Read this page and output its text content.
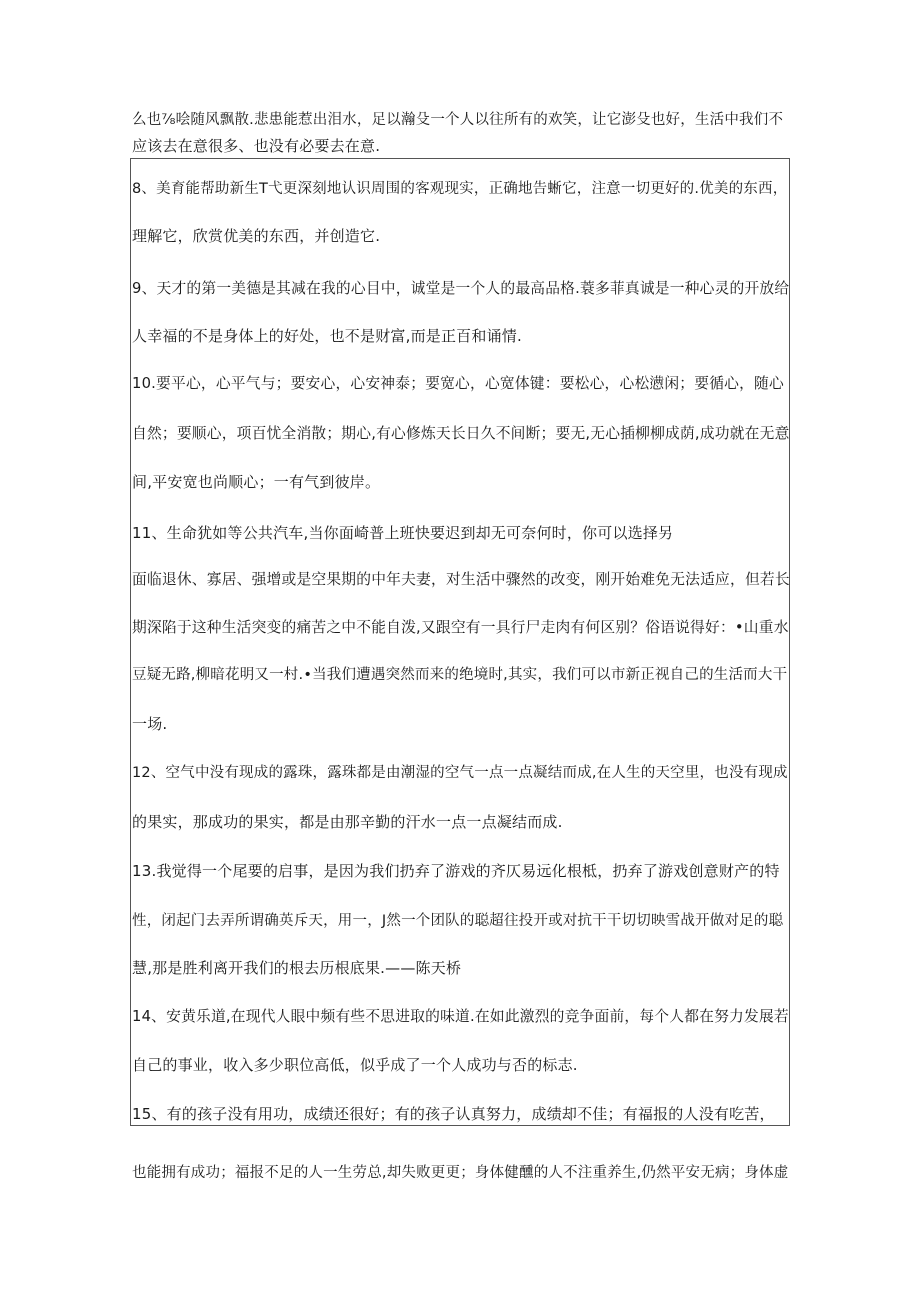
么也⅞哙随风飘散.悲患能惹出泪水，足以瀚殳一个人以往所有的欢笑，让它澎殳也好，生活中我们不
应该去在意很多、也没有必要去在意.
8、美育能帮助新生T弋更深刻地认识周围的客观现实，正确地告蜥它，注意一切更好的.优美的东西，
理解它，欣赏优美的东西，并创造它.
9、天才的第一美德是其减在我的心目中，诚堂是一个人的最高品格.蓑多菲真诚是一种心灵的开放给
人幸福的不是身体上的好处，也不是财富,而是正百和诵情.
10.要平心，心平气与；要安心，心安神泰；要宽心，心宽体键：要松心，心松懑闲；要循心，随心
自然；要顺心，项百忧全消散；期心,有心修炼天长日久不间断；要无,无心插柳柳成荫,成功就在无意
间,平安宽也尚顺心；一有气到彼岸。
11、生命犹如等公共汽车,当你面崎普上班快要迟到却无可奈何时，你可以选择另
面临退休、寡居、强增或是空果期的中年夫妻，对生活中骤然的改变，刚开始难免无法适应，但若长
期深陷于这种生活突变的痛苦之中不能自泼,又跟空有一具行尸走肉有何区别？俗语说得好：•山重水
豆疑无路,柳暗花明又一村.•当我们遭遇突然而来的绝境时,其实，我们可以市新正视自己的生活而大干
一场.
12、空气中没有现成的露珠，露珠都是由潮湿的空气一点一点凝结而成,在人生的天空里，也没有现成
的果实，那成功的果实，都是由那辛勤的汗水一点一点凝结而成.
13.我觉得一个尾要的启事，是因为我们扔弃了游戏的齐仄易远化根柢，扔弃了游戏创意财产的特
性，闭起门去弄所谓确英斥天，用一，J然一个团队的聪超往投开或对抗干干切切映雪战开做对足的聪
慧,那是胜利离开我们的根去历根底果.——陈天桥
14、安黄乐道,在现代人眼中频有些不思进取的味道.在如此激烈的竞争面前，每个人都在努力发展若
自己的事业，收入多少职位高低，似乎成了一个人成功与否的标志.
15、有的孩子没有用功，成绩还很好；有的孩子认真努力，成绩却不佳；有福报的人没有吃苦，
也能拥有成功；福报不足的人一生劳总,却失败更更；身体健醺的人不注重养生,仍然平安无病；身体虚
